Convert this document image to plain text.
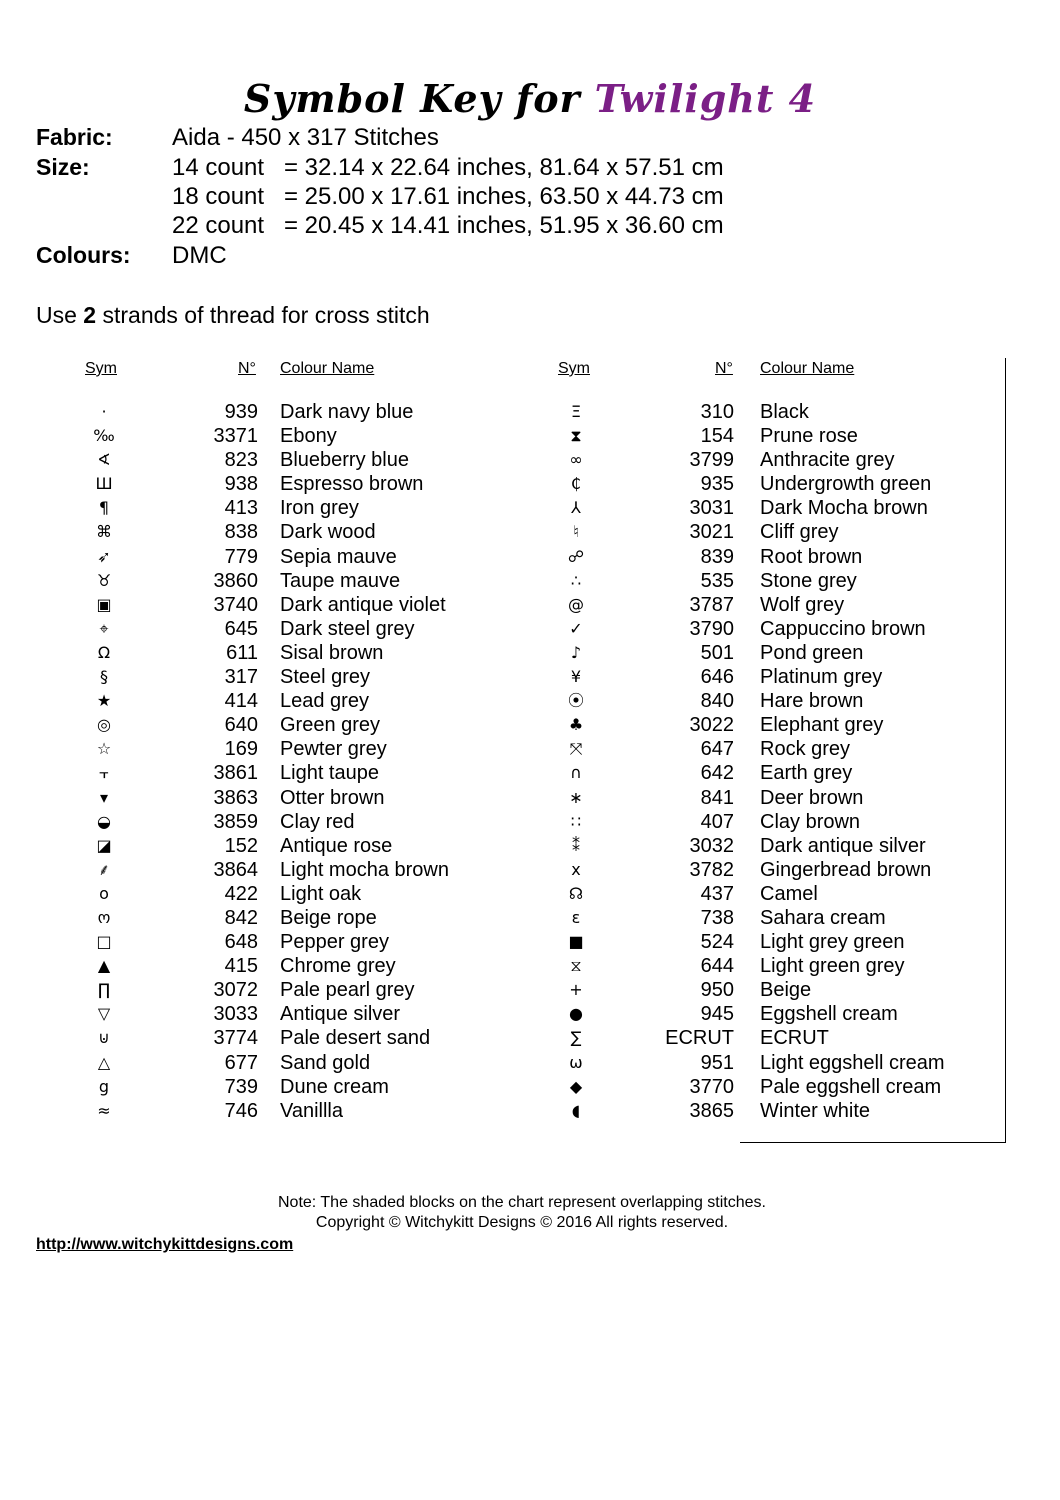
Symbol Key for Twilight 4
Fabric: Aida - 450 x 317 Stitches
Size:	14 count = 32.14 x 22.64 inches, 81.64 x 57.51 cm
18 count = 25.00 x 17.61 inches, 63.50 x 44.73 cm
22 count = 20.45 x 14.41 inches, 51.95 x 36.60 cm
Colours: DMC
Use 2 strands of thread for cross stitch
Sym	N° Colour Name	Sym	N° Colour Name
·	939 Dark navy blue	Ξ	310 Black
‰	3371 Ebony	⧗	154 Prune rose
∢	823 Blueberry blue	∞	3799 Anthracite grey
Ш	938 Espresso brown	₵	935 Undergrowth green
¶	413 Iron grey	⅄	3031 Dark Mocha brown
⌘	838 Dark wood	♮	3021 Cliff grey
➶	779 Sepia mauve	☍	839 Root brown
♉	3860 Taupe mauve	∴	535 Stone grey
▣	3740 Dark antique violet	@	3787 Wolf grey
⌖	645 Dark steel grey	✓	3790 Cappuccino brown
Ω	611 Sisal brown	♪	501 Pond green
§	317 Steel grey	¥	646 Platinum grey
★	414 Lead grey	⦿	840 Hare brown
◎	640 Green grey	♣	3022 Elephant grey
☆	169 Pewter grey	⤧	647 Rock grey
⫟	3861 Light taupe	∩	642 Earth grey
▾	3863 Otter brown	∗	841 Deer brown
◒	3859 Clay red	∷	407 Clay brown
◪	152 Antique rose	⁑	3032 Dark antique silver
⸙	3864 Light mocha brown	x	3782 Gingerbread brown
o	422 Light oak	☊	437 Camel
ო	842 Beige rope	ε	738 Sahara cream
□	648 Pepper grey	■	524 Light grey green
▲	415 Chrome grey	⧖	644 Light green grey
∏	3072 Pale pearl grey	+	950 Beige
▽	3033 Antique silver	●	945 Eggshell cream
⊍	3774 Pale desert sand	∑	ECRUT ECRUT
△	677 Sand gold	ω	951 Light eggshell cream
g	739 Dune cream	◆	3770 Pale eggshell cream
≈	746 Vanillla	◖	3865 Winter white
Note: The shaded blocks on the chart represent overlapping stitches.
Copyright © Witchykitt Designs © 2016 All rights reserved.
http://www.witchykittdesigns.com
